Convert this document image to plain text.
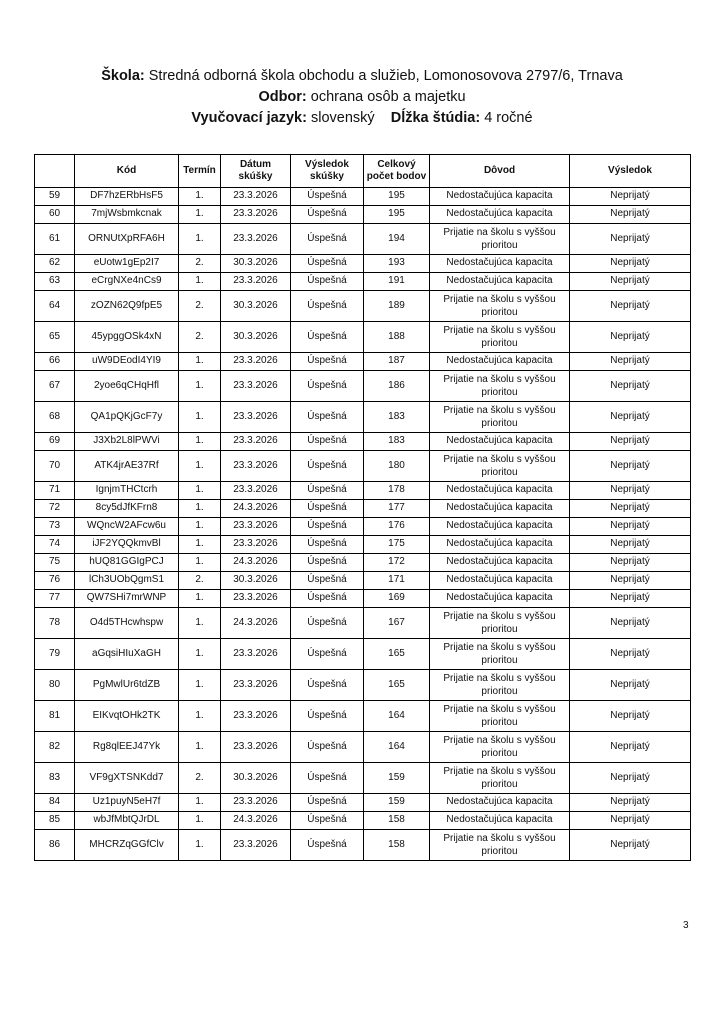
Škola: Stredná odborná škola obchodu a služieb, Lomonosovova 2797/6, Trnava
Odbor: ochrana osôb a majetku
Vyučovací jazyk: slovenský Dĺžka štúdia: 4 ročné
	Kód	Termín	Dátum skúšky	Výsledok skúšky	Celkový počet bodov	Dôvod	Výsledok
59	DF7hzERbHsF5	1.	23.3.2026	Úspešná	195	Nedostačujúca kapacita	Neprijatý
60	7mjWsbmkcnak	1.	23.3.2026	Úspešná	195	Nedostačujúca kapacita	Neprijatý
61	ORNUtXpRFA6H	1.	23.3.2026	Úspešná	194	Prijatie na školu s vyššou prioritou	Neprijatý
62	eUotw1gEp2I7	2.	30.3.2026	Úspešná	193	Nedostačujúca kapacita	Neprijatý
63	eCrgNXe4nCs9	1.	23.3.2026	Úspešná	191	Nedostačujúca kapacita	Neprijatý
64	zOZN62Q9fpE5	2.	30.3.2026	Úspešná	189	Prijatie na školu s vyššou prioritou	Neprijatý
65	45ypggOSk4xN	2.	30.3.2026	Úspešná	188	Prijatie na školu s vyššou prioritou	Neprijatý
66	uW9DEodI4YI9	1.	23.3.2026	Úspešná	187	Nedostačujúca kapacita	Neprijatý
67	2yoe6qCHqHfl	1.	23.3.2026	Úspešná	186	Prijatie na školu s vyššou prioritou	Neprijatý
68	QA1pQKjGcF7y	1.	23.3.2026	Úspešná	183	Prijatie na školu s vyššou prioritou	Neprijatý
69	J3Xb2L8lPWVi	1.	23.3.2026	Úspešná	183	Nedostačujúca kapacita	Neprijatý
70	ATK4jrAE37Rf	1.	23.3.2026	Úspešná	180	Prijatie na školu s vyššou prioritou	Neprijatý
71	IgnjmTHCtcrh	1.	23.3.2026	Úspešná	178	Nedostačujúca kapacita	Neprijatý
72	8cy5dJfKFrn8	1.	24.3.2026	Úspešná	177	Nedostačujúca kapacita	Neprijatý
73	WQncW2AFcw6u	1.	23.3.2026	Úspešná	176	Nedostačujúca kapacita	Neprijatý
74	iJF2YQQkmvBl	1.	23.3.2026	Úspešná	175	Nedostačujúca kapacita	Neprijatý
75	hUQ81GGIgPCJ	1.	24.3.2026	Úspešná	172	Nedostačujúca kapacita	Neprijatý
76	lCh3UObQgmS1	2.	30.3.2026	Úspešná	171	Nedostačujúca kapacita	Neprijatý
77	QW7SHi7mrWNP	1.	23.3.2026	Úspešná	169	Nedostačujúca kapacita	Neprijatý
78	O4d5THcwhspw	1.	24.3.2026	Úspešná	167	Prijatie na školu s vyššou prioritou	Neprijatý
79	aGqsiHIuXaGH	1.	23.3.2026	Úspešná	165	Prijatie na školu s vyššou prioritou	Neprijatý
80	PgMwlUr6tdZB	1.	23.3.2026	Úspešná	165	Prijatie na školu s vyššou prioritou	Neprijatý
81	EIKvqtOHk2TK	1.	23.3.2026	Úspešná	164	Prijatie na školu s vyššou prioritou	Neprijatý
82	Rg8qlEEJ47Yk	1.	23.3.2026	Úspešná	164	Prijatie na školu s vyššou prioritou	Neprijatý
83	VF9gXTSNKdd7	2.	30.3.2026	Úspešná	159	Prijatie na školu s vyššou prioritou	Neprijatý
84	Uz1puyN5eH7f	1.	23.3.2026	Úspešná	159	Nedostačujúca kapacita	Neprijatý
85	wbJfMbtQJrDL	1.	24.3.2026	Úspešná	158	Nedostačujúca kapacita	Neprijatý
86	MHCRZqGGfClv	1.	23.3.2026	Úspešná	158	Prijatie na školu s vyššou prioritou	Neprijatý
3
